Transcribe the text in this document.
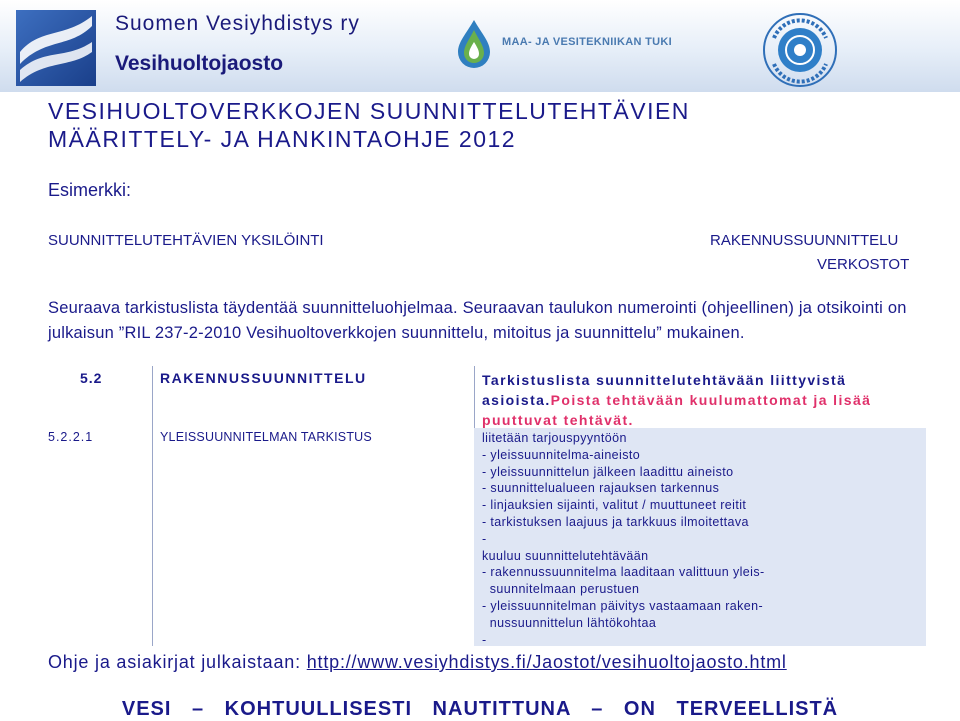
Suomen Vesiyhdistys ry
Vesihuoltojaosto
MAA- JA VESITEKNIIKAN TUKI
VESIHUOLTOVERKKOJEN SUUNNITTELUTEHTÄVIEN
MÄÄRITTELY- JA HANKINTAOHJE 2012
Esimerkki:
SUUNNITTELUTEHTÄVIEN YKSILÖINTI	RAKENNUSSUUNNITTELU
VERKOSTOT
Seuraava tarkistuslista täydentää suunnitteluohjelmaa. Seuraavan taulukon numerointi (ohjeellinen) ja otsikointi on julkaisun ”RIL 237-2-2010 Vesihuoltoverkkojen suunnittelu, mitoitus ja suunnittelu” mukainen.
5.2	RAKENNUSSUUNNITTELU	Tarkistuslista suunnittelutehtävään liittyvistä asioista.Poista tehtävään kuulumattomat ja lisää puuttuvat tehtävät.
5.2.2.1	YLEISSUUNNITELMAN TARKISTUS	liitetään tarjouspyyntöön
- yleissuunnitelma-aineisto
- yleissuunnittelun jälkeen laadittu aineisto
- suunnittelualueen rajauksen tarkennus
- linjauksien sijainti, valitut / muuttuneet reitit
- tarkistuksen laajuus ja tarkkuus ilmoitettava
-
kuuluu suunnittelutehtävään
- rakennussuunnitelma laaditaan valittuun yleis-
suunnitelmaan perustuen
- yleissuunnitelman päivitys vastaamaan raken-
nussuunnittelun lähtökohtaa
-
Ohje ja asiakirjat julkaistaan: http://www.vesiyhdistys.fi/Jaostot/vesihuoltojaosto.html
VESI – KOHTUULLISESTI NAUTITTUNA – ON TERVEELLISTÄ
